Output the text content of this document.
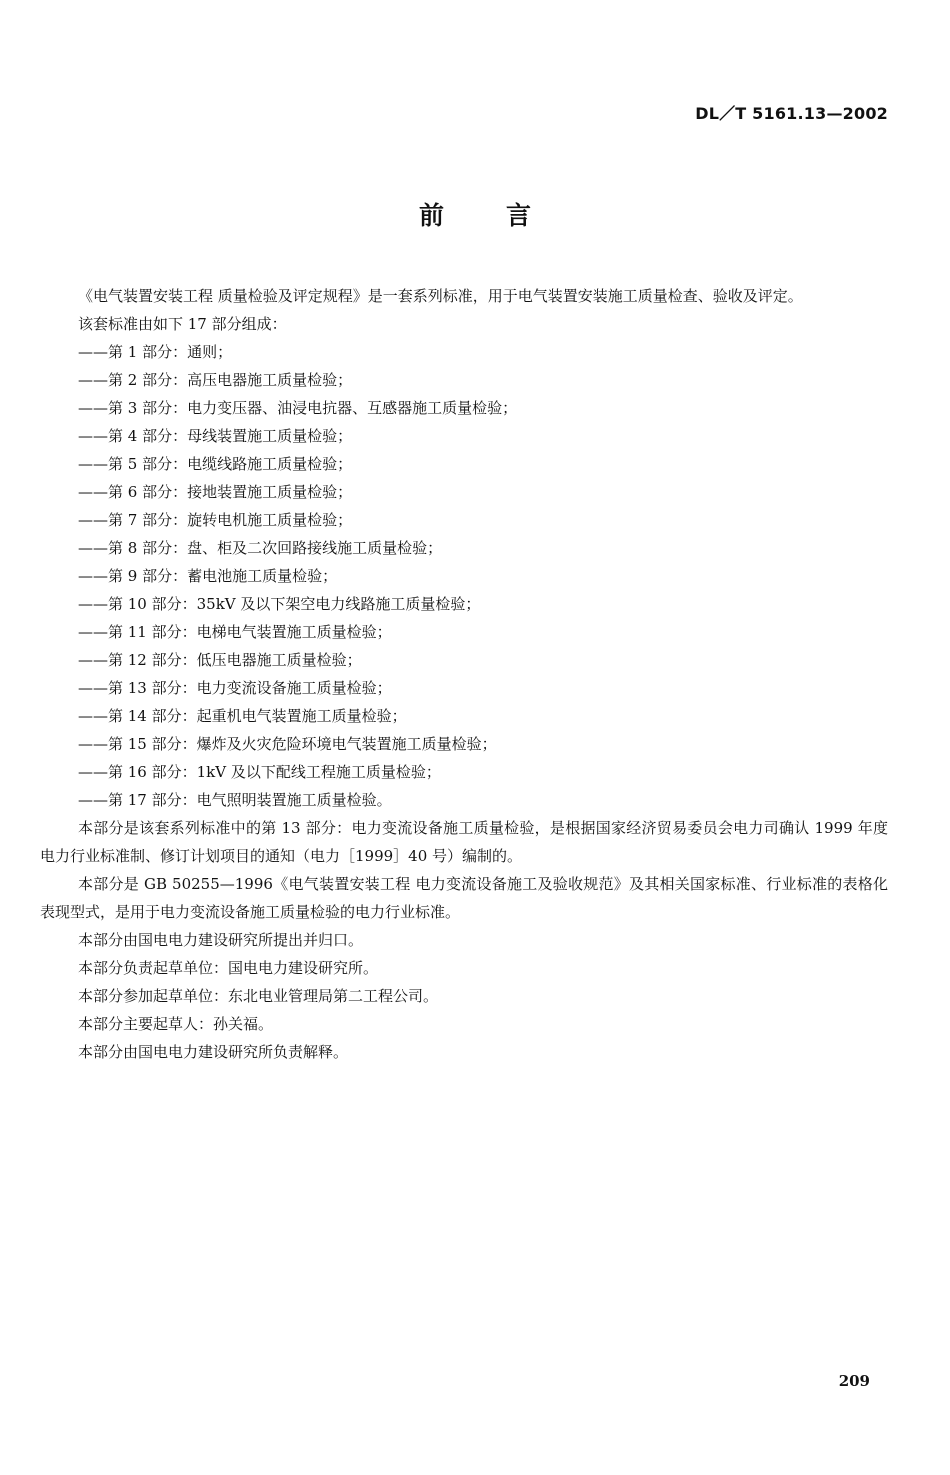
DL／T 5161.13—2002
前言

《电气装置安装工程 质量检验及评定规程》是一套系列标准，用于电气装置安装施工质量检查、验收及评定。

该套标准由如下 17 部分组成：

——第 1 部分：通则；
——第 2 部分：高压电器施工质量检验；
——第 3 部分：电力变压器、油浸电抗器、互感器施工质量检验；
——第 4 部分：母线装置施工质量检验；
——第 5 部分：电缆线路施工质量检验；
——第 6 部分：接地装置施工质量检验；
——第 7 部分：旋转电机施工质量检验；
——第 8 部分：盘、柜及二次回路接线施工质量检验；
——第 9 部分：蓄电池施工质量检验；
——第 10 部分：35kV 及以下架空电力线路施工质量检验；
——第 11 部分：电梯电气装置施工质量检验；
——第 12 部分：低压电器施工质量检验；
——第 13 部分：电力变流设备施工质量检验；
——第 14 部分：起重机电气装置施工质量检验；
——第 15 部分：爆炸及火灾危险环境电气装置施工质量检验；
——第 16 部分：1kV 及以下配线工程施工质量检验；
——第 17 部分：电气照明装置施工质量检验。

本部分是该套系列标准中的第 13 部分：电力变流设备施工质量检验，是根据国家经济贸易委员会电力司确认 1999 年度电力行业标准制、修订计划项目的通知（电力［1999］40 号）编制的。

本部分是 GB 50255—1996《电气装置安装工程 电力变流设备施工及验收规范》及其相关国家标准、行业标准的表格化表现型式，是用于电力变流设备施工质量检验的电力行业标准。

本部分由国电电力建设研究所提出并归口。

本部分负责起草单位：国电电力建设研究所。

本部分参加起草单位：东北电业管理局第二工程公司。

本部分主要起草人：孙关福。

本部分由国电电力建设研究所负责解释。

209
